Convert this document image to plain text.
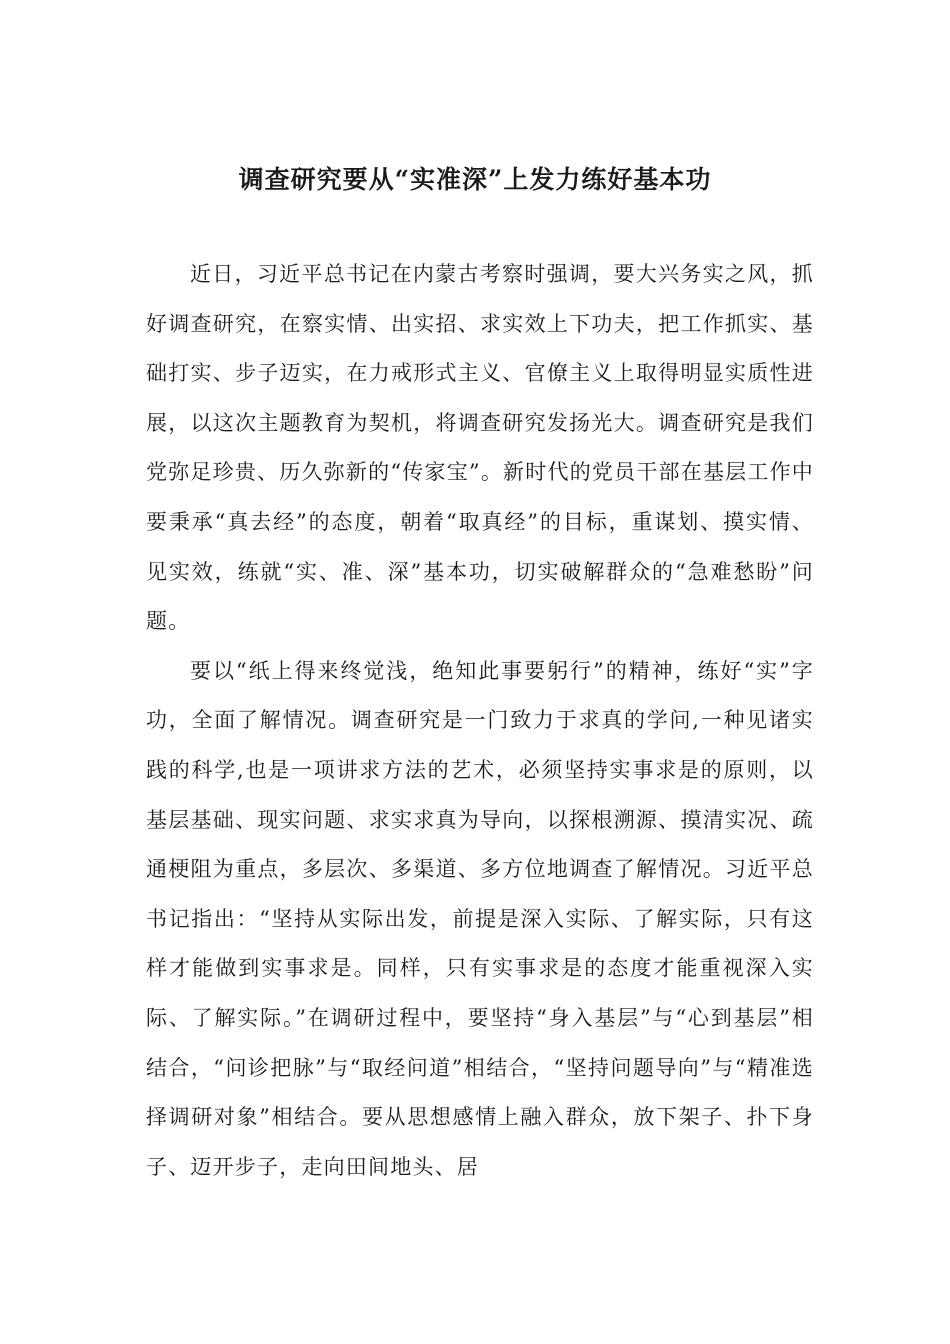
调查研究要从“实准深”上发力练好基本功

近日，习近平总书记在内蒙古考察时强调，要大兴务实之风，抓好调查研究，在察实情、出实招、求实效上下功夫，把工作抓实、基础打实、步子迈实，在力戒形式主义、官僚主义上取得明显实质性进展，以这次主题教育为契机，将调查研究发扬光大。调查研究是我们党弥足珍贵、历久弥新的“传家宝”。新时代的党员干部在基层工作中要秉承“真去经”的态度，朝着“取真经”的目标，重谋划、摸实情、见实效，练就“实、准、深”基本功，切实破解群众的“急难愁盼”问题。

要以“纸上得来终觉浅，绝知此事要躬行”的精神，练好“实”字功，全面了解情况。调查研究是一门致力于求真的学问,一种见诸实践的科学,也是一项讲求方法的艺术，必须坚持实事求是的原则，以基层基础、现实问题、求实求真为导向，以探根溯源、摸清实况、疏通梗阻为重点，多层次、多渠道、多方位地调查了解情况。习近平总书记指出：“坚持从实际出发，前提是深入实际、了解实际，只有这样才能做到实事求是。同样，只有实事求是的态度才能重视深入实际、了解实际。”在调研过程中，要坚持“身入基层”与“心到基层”相结合，“问诊把脉”与“取经问道”相结合，“坚持问题导向”与“精准选择调研对象”相结合。要从思想感情上融入群众，放下架子、扑下身子、迈开步子，走向田间地头、居
